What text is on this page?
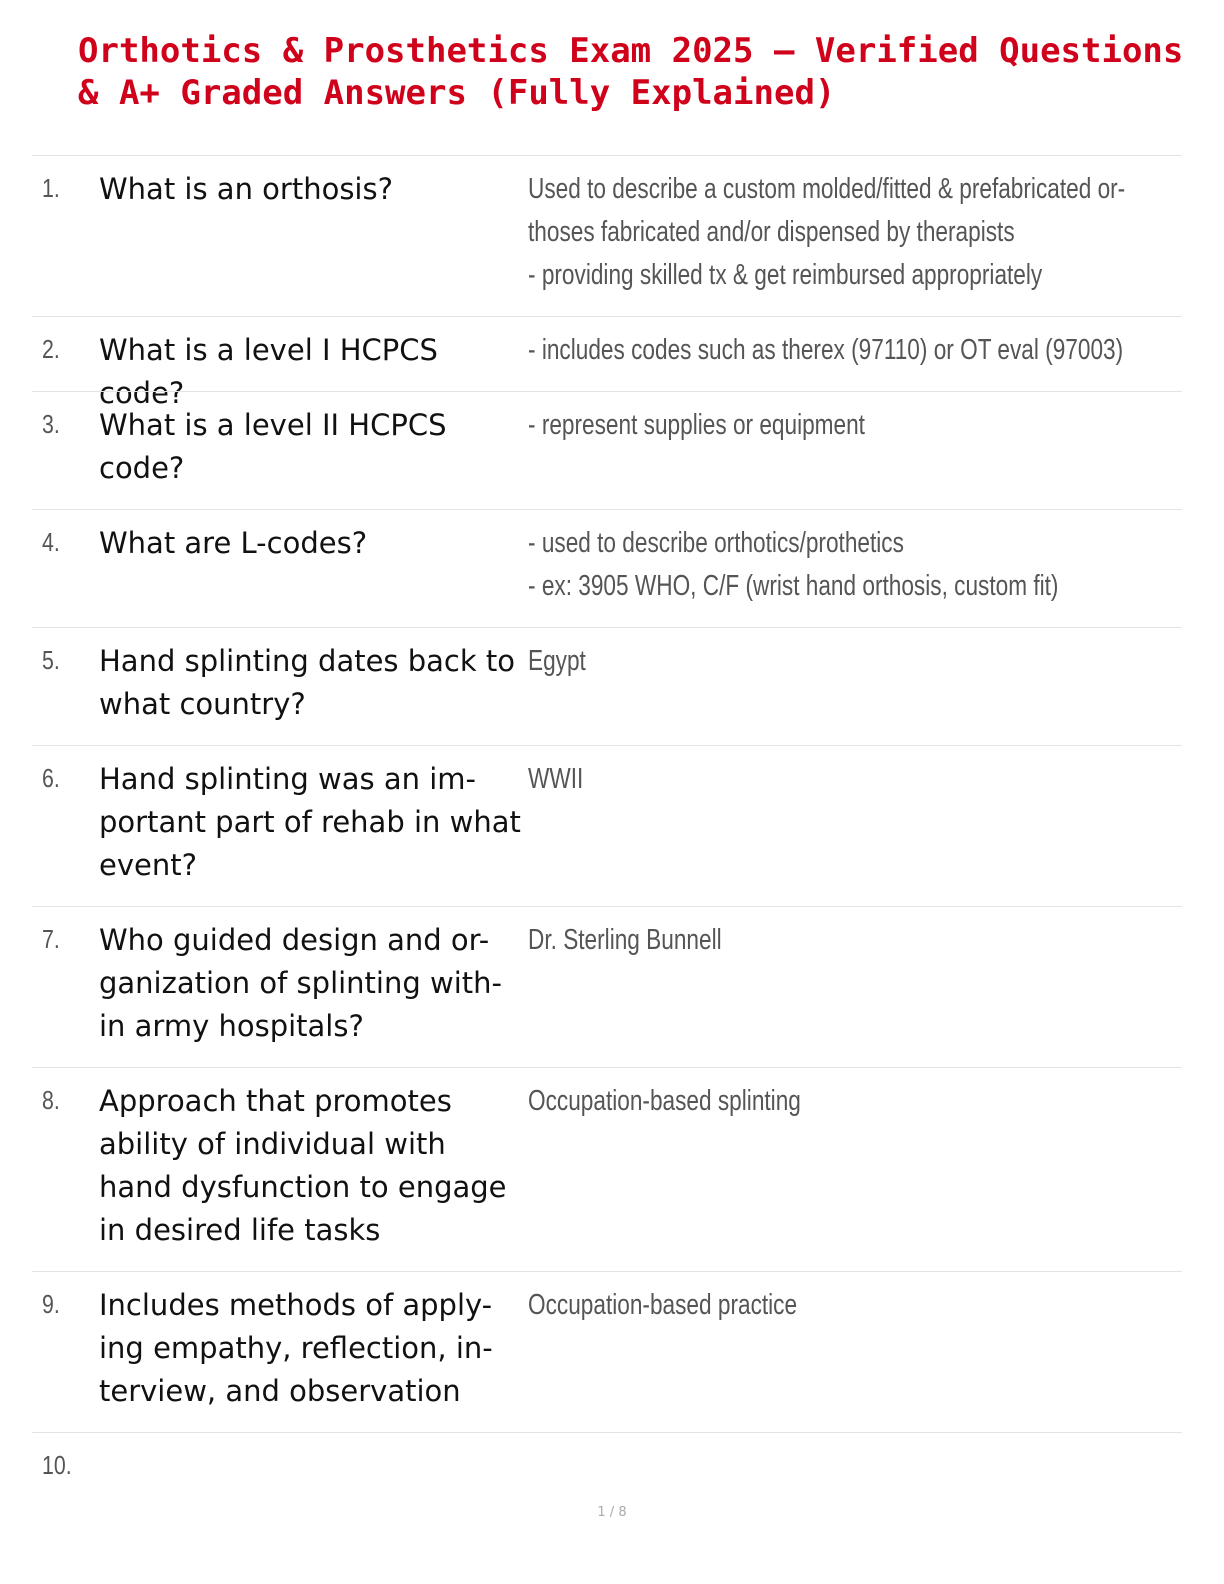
Orthotics & Prosthetics Exam 2025 – Verified Questions
& A+ Graded Answers (Fully Explained)
1. What is an orthosis?	Used to describe a custom molded/fitted & prefabricated or-
thoses fabricated and/or dispensed by therapists
- providing skilled tx & get reimbursed appropriately
2. What is a level I HCPCS code?
- includes codes such as therex (97110) or OT eval (97003)
3. What is a level II HCPCS
code?
- represent supplies or equipment
4. What are L-codes?	- used to describe orthotics/prothetics
- ex: 3905 WHO, C/F (wrist hand orthosis, custom fit)
5. Hand splinting dates back to
what country?
Egypt
6. Hand splinting was an im-
portant part of rehab in what
event?
WWII
7. Who guided design and or-
ganization of splinting with-
in army hospitals?
Dr. Sterling Bunnell
8. Approach that promotes
ability of individual with
hand dysfunction to engage
in desired life tasks
Occupation-based splinting
9. Includes methods of apply-
ing empathy, reflection, in-
terview, and observation
Occupation-based practice
10.
1 / 8
